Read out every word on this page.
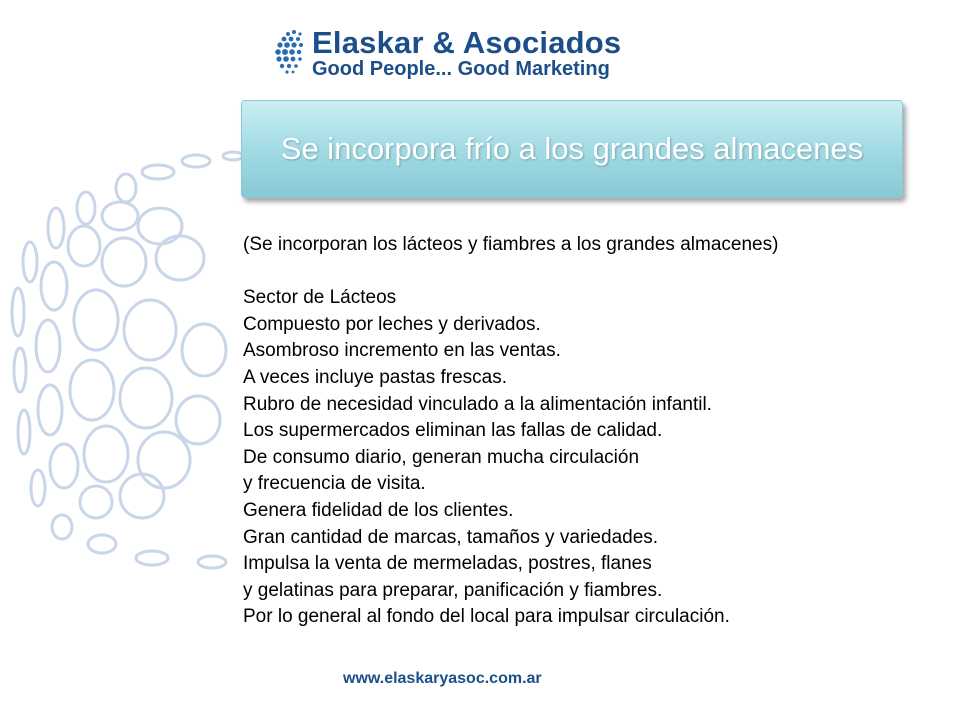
Elaskar & Asociados
Good People... Good Marketing
Se incorpora frío a los grandes almacenes
(Se incorporan los lácteos y fiambres a los grandes almacenes)
Sector de Lácteos
Compuesto por leches y derivados.
Asombroso incremento en las ventas.
A veces incluye pastas frescas.
Rubro de necesidad vinculado a la alimentación infantil.
Los supermercados eliminan las fallas de calidad.
De consumo diario, generan mucha circulación
y frecuencia de visita.
Genera fidelidad de los clientes.
Gran cantidad de marcas, tamaños y variedades.
Impulsa la venta de mermeladas, postres, flanes
y gelatinas para preparar, panificación y fiambres.
Por lo general al fondo del local para impulsar circulación.
www.elaskaryasoc.com.ar
